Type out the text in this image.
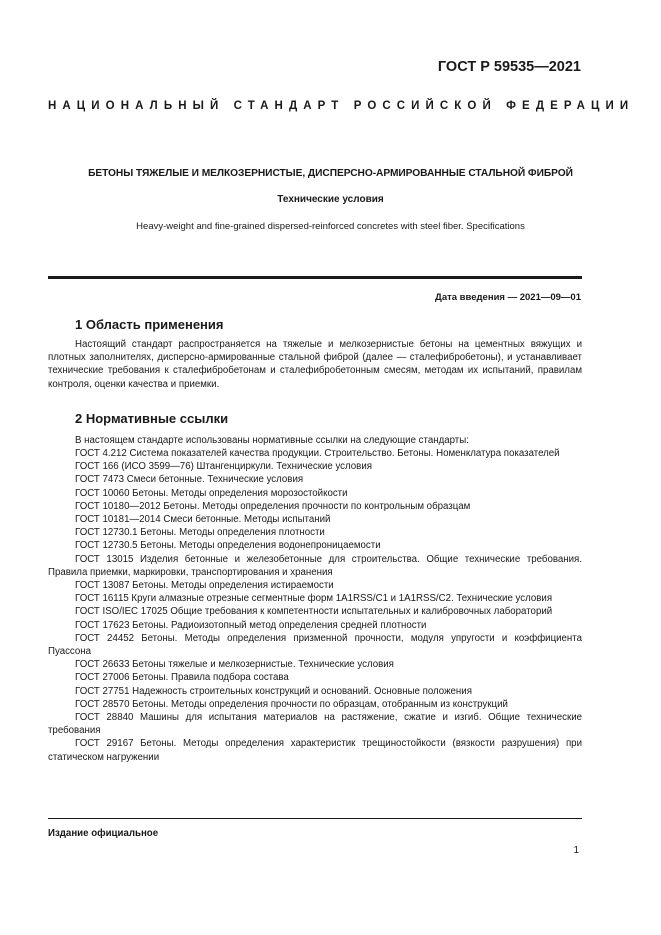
ГОСТ Р 59535—2021
НАЦИОНАЛЬНЫЙ СТАНДАРТ РОССИЙСКОЙ ФЕДЕРАЦИИ
БЕТОНЫ ТЯЖЕЛЫЕ И МЕЛКОЗЕРНИСТЫЕ, ДИСПЕРСНО-АРМИРОВАННЫЕ СТАЛЬНОЙ ФИБРОЙ
Технические условия
Heavy-weight and fine-grained dispersed-reinforced concretes with steel fiber. Specifications
Дата введения — 2021—09—01
1 Область применения
Настоящий стандарт распространяется на тяжелые и мелкозернистые бетоны на цементных вяжущих и плотных заполнителях, дисперсно-армированные стальной фиброй (далее — сталефибробетоны), и устанавливает технические требования к сталефибробетонам и сталефибробетонным смесям, методам их испытаний, правилам контроля, оценки качества и приемки.
2 Нормативные ссылки
В настоящем стандарте использованы нормативные ссылки на следующие стандарты:
ГОСТ 4.212 Система показателей качества продукции. Строительство. Бетоны. Номенклатура показателей
ГОСТ 166 (ИСО 3599—76) Штангенциркули. Технические условия
ГОСТ 7473 Смеси бетонные. Технические условия
ГОСТ 10060 Бетоны. Методы определения морозостойкости
ГОСТ 10180—2012 Бетоны. Методы определения прочности по контрольным образцам
ГОСТ 10181—2014 Смеси бетонные. Методы испытаний
ГОСТ 12730.1 Бетоны. Методы определения плотности
ГОСТ 12730.5 Бетоны. Методы определения водонепроницаемости
ГОСТ 13015 Изделия бетонные и железобетонные для строительства. Общие технические требования. Правила приемки, маркировки, транспортирования и хранения
ГОСТ 13087 Бетоны. Методы определения истираемости
ГОСТ 16115 Круги алмазные отрезные сегментные форм 1A1RSS/C1 и 1A1RSS/C2. Технические условия
ГОСТ ISO/IEC 17025 Общие требования к компетентности испытательных и калибровочных лабораторий
ГОСТ 17623 Бетоны. Радиоизотопный метод определения средней плотности
ГОСТ 24452 Бетоны. Методы определения призменной прочности, модуля упругости и коэффициента Пуассона
ГОСТ 26633 Бетоны тяжелые и мелкозернистые. Технические условия
ГОСТ 27006 Бетоны. Правила подбора состава
ГОСТ 27751 Надежность строительных конструкций и оснований. Основные положения
ГОСТ 28570 Бетоны. Методы определения прочности по образцам, отобранным из конструкций
ГОСТ 28840 Машины для испытания материалов на растяжение, сжатие и изгиб. Общие технические требования
ГОСТ 29167 Бетоны. Методы определения характеристик трещиностойкости (вязкости разрушения) при статическом нагружении
Издание официальное
1
